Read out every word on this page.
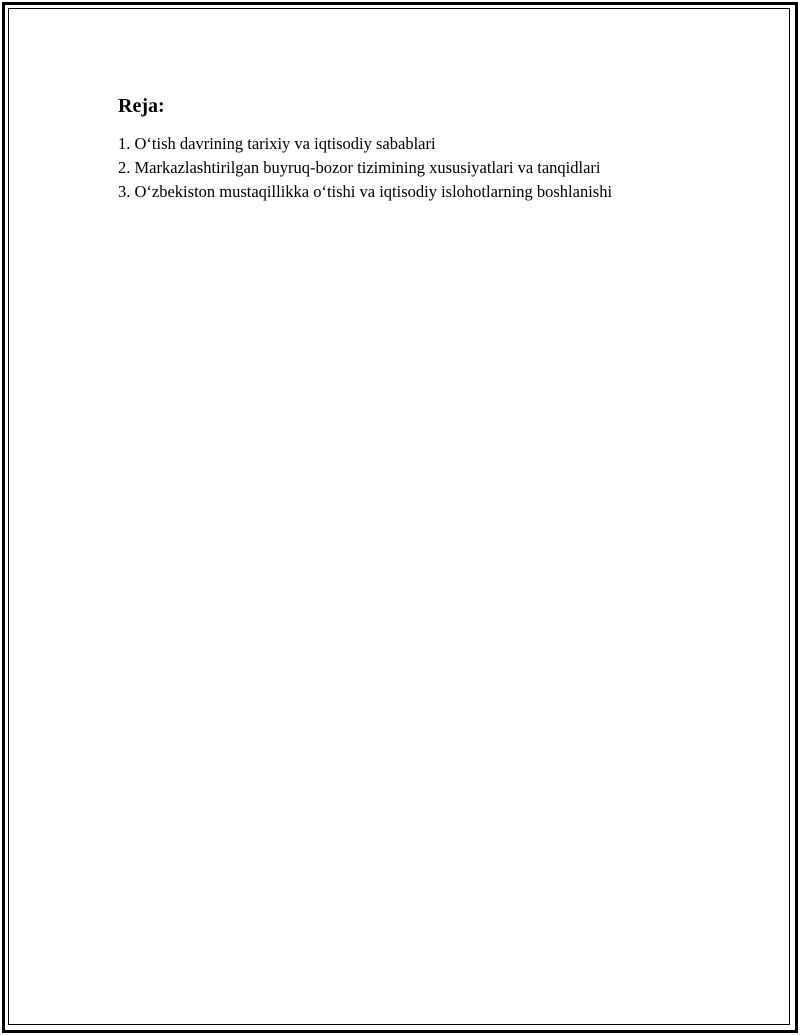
Reja:
1. O‘tish davrining tarixiy va iqtisodiy sabablari
2. Markazlashtirilgan buyruq-bozor tizimining xususiyatlari va tanqidlari
3. O‘zbekiston mustaqillikka o‘tishi va iqtisodiy islohotlarning boshlanishi
